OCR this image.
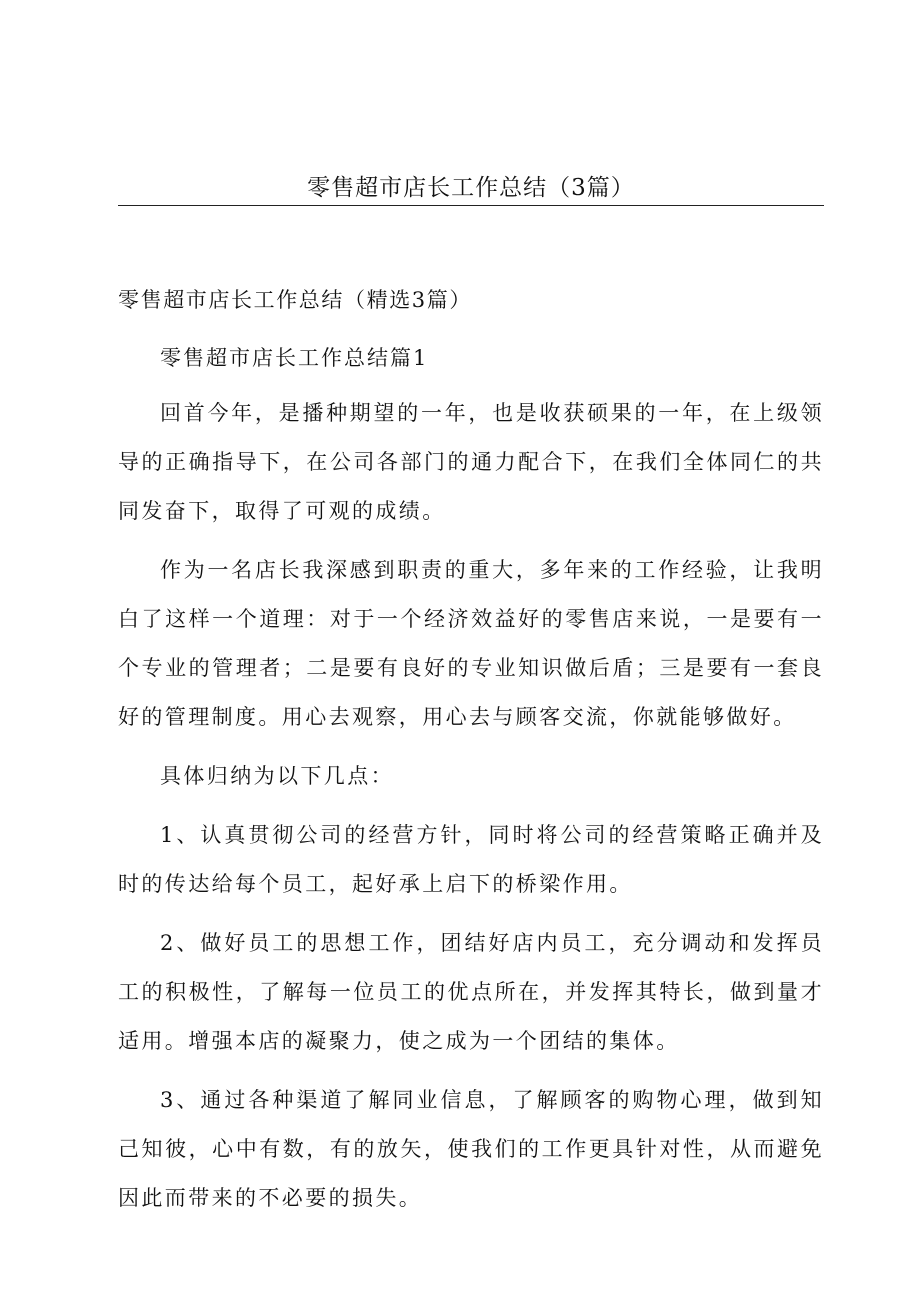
零售超市店长工作总结（3篇）

零售超市店长工作总结（精选3篇）

零售超市店长工作总结篇1

回首今年，是播种期望的一年，也是收获硕果的一年，在上级领导的正确指导下，在公司各部门的通力配合下，在我们全体同仁的共同发奋下，取得了可观的成绩。

作为一名店长我深感到职责的重大，多年来的工作经验，让我明白了这样一个道理：对于一个经济效益好的零售店来说，一是要有一个专业的管理者；二是要有良好的专业知识做后盾；三是要有一套良好的管理制度。用心去观察，用心去与顾客交流，你就能够做好。

具体归纳为以下几点：

1、认真贯彻公司的经营方针，同时将公司的经营策略正确并及时的传达给每个员工，起好承上启下的桥梁作用。

2、做好员工的思想工作，团结好店内员工，充分调动和发挥员工的积极性，了解每一位员工的优点所在，并发挥其特长，做到量才适用。增强本店的凝聚力，使之成为一个团结的集体。

3、通过各种渠道了解同业信息，了解顾客的购物心理，做到知己知彼，心中有数，有的放矢，使我们的工作更具针对性，从而避免因此而带来的不必要的损失。
